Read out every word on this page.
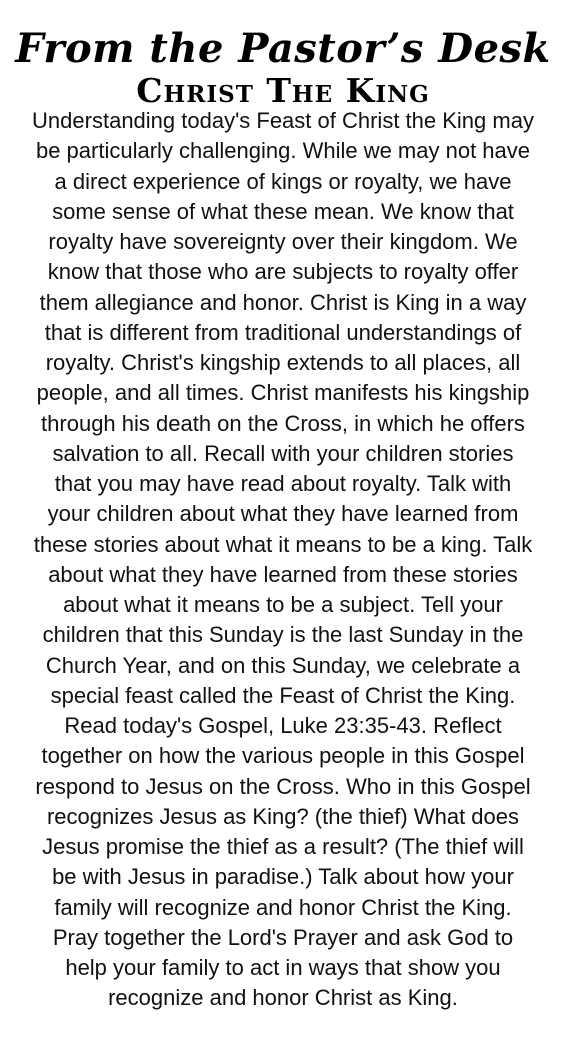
From the Pastor’s Desk
Christ The King
Understanding today's Feast of Christ the King may
be particularly challenging. While we may not have
a direct experience of kings or royalty, we have
some sense of what these mean. We know that
royalty have sovereignty over their kingdom. We
know that those who are subjects to royalty offer
them allegiance and honor. Christ is King in a way
that is different from traditional understandings of
royalty. Christ's kingship extends to all places, all
people, and all times. Christ manifests his kingship
through his death on the Cross, in which he offers
salvation to all. Recall with your children stories
that you may have read about royalty. Talk with
your children about what they have learned from
these stories about what it means to be a king. Talk
about what they have learned from these stories
about what it means to be a subject. Tell your
children that this Sunday is the last Sunday in the
Church Year, and on this Sunday, we celebrate a
special feast called the Feast of Christ the King.
Read today's Gospel, Luke 23:35-43. Reflect
together on how the various people in this Gospel
respond to Jesus on the Cross. Who in this Gospel
recognizes Jesus as King? (the thief) What does
Jesus promise the thief as a result? (The thief will
be with Jesus in paradise.) Talk about how your
family will recognize and honor Christ the King.
Pray together the Lord's Prayer and ask God to
help your family to act in ways that show you
recognize and honor Christ as King.
